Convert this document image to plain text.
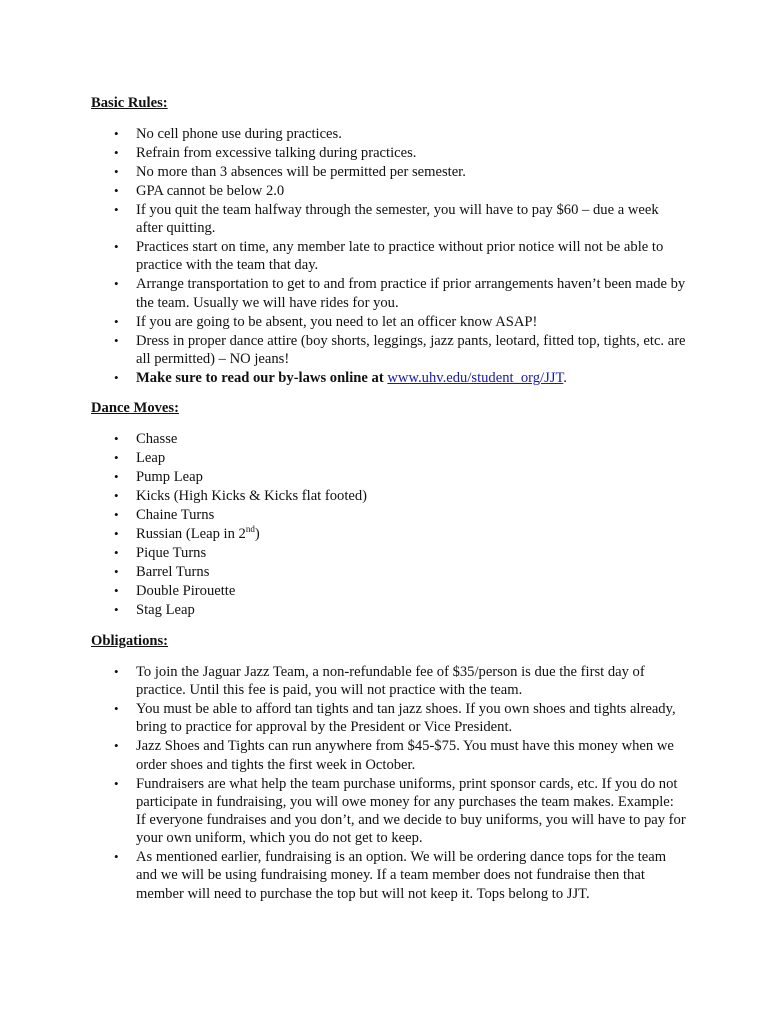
Basic Rules:
• No cell phone use during practices.
• Refrain from excessive talking during practices.
• No more than 3 absences will be permitted per semester.
• GPA cannot be below 2.0
• If you quit the team halfway through the semester, you will have to pay $60 – due a week after quitting.
• Practices start on time, any member late to practice without prior notice will not be able to practice with the team that day.
• Arrange transportation to get to and from practice if prior arrangements haven’t been made by the team. Usually we will have rides for you.
• If you are going to be absent, you need to let an officer know ASAP!
• Dress in proper dance attire (boy shorts, leggings, jazz pants, leotard, fitted top, tights, etc. are all permitted) – NO jeans!
• Make sure to read our by-laws online at www.uhv.edu/student_org/JJT.
Dance Moves:
• Chasse
• Leap
• Pump Leap
• Kicks (High Kicks & Kicks flat footed)
• Chaine Turns
• Russian (Leap in 2nd)
• Pique Turns
• Barrel Turns
• Double Pirouette
• Stag Leap
Obligations:
• To join the Jaguar Jazz Team, a non-refundable fee of $35/person is due the first day of practice. Until this fee is paid, you will not practice with the team.
• You must be able to afford tan tights and tan jazz shoes. If you own shoes and tights already, bring to practice for approval by the President or Vice President.
• Jazz Shoes and Tights can run anywhere from $45-$75. You must have this money when we order shoes and tights the first week in October.
• Fundraisers are what help the team purchase uniforms, print sponsor cards, etc. If you do not participate in fundraising, you will owe money for any purchases the team makes. Example: If everyone fundraises and you don’t, and we decide to buy uniforms, you will have to pay for your own uniform, which you do not get to keep.
• As mentioned earlier, fundraising is an option. We will be ordering dance tops for the team and we will be using fundraising money. If a team member does not fundraise then that member will need to purchase the top but will not keep it. Tops belong to JJT.
